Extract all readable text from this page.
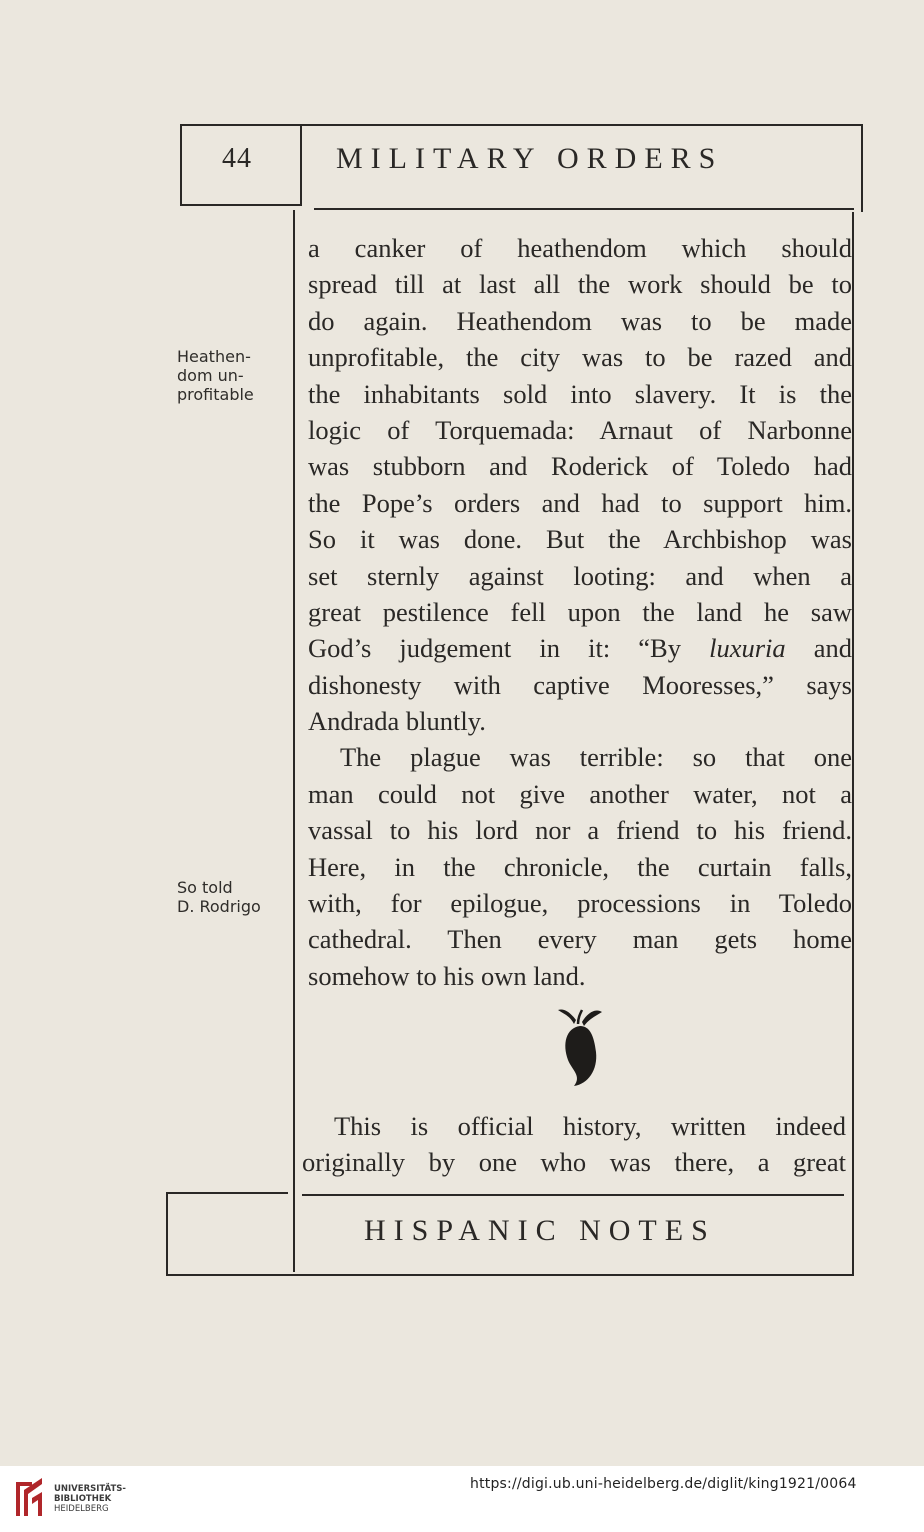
44	MILITARY ORDERS
Heathen-
dom un-
profitable
So told
D. Rodrigo
a canker of heathendom which should
spread till at last all the work should be to
do again. Heathendom was to be made
unprofitable, the city was to be razed and
the inhabitants sold into slavery. It is the
logic of Torquemada: Arnaut of Narbonne
was stubborn and Roderick of Toledo had
the Pope’s orders and had to support him.
So it was done. But the Archbishop was
set sternly against looting: and when a
great pestilence fell upon the land he saw
God’s judgement in it: “By luxuria and
dishonesty with captive Mooresses,” says
Andrada bluntly.
The plague was terrible: so that one
man could not give another water, not a
vassal to his lord nor a friend to his friend.
Here, in the chronicle, the curtain falls,
with, for epilogue, processions in Toledo
cathedral. Then every man gets home
somehow to his own land.
This is official history, written indeed
originally by one who was there, a great
HISPANIC NOTES
UNIVERSITÄTS-
BIBLIOTHEK
HEIDELBERG
https://digi.ub.uni-heidelberg.de/diglit/king1921/0064
